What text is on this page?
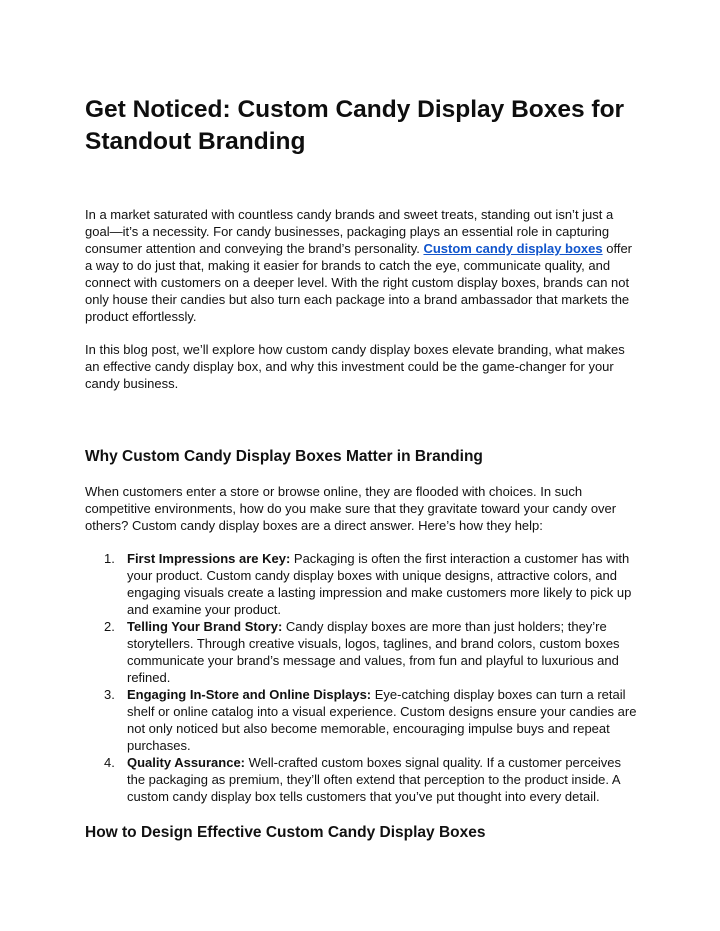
Get Noticed: Custom Candy Display Boxes for Standout Branding

In a market saturated with countless candy brands and sweet treats, standing out isn’t just a goal—it’s a necessity. For candy businesses, packaging plays an essential role in capturing consumer attention and conveying the brand’s personality. Custom candy display boxes offer a way to do just that, making it easier for brands to catch the eye, communicate quality, and connect with customers on a deeper level. With the right custom display boxes, brands can not only house their candies but also turn each package into a brand ambassador that markets the product effortlessly.

In this blog post, we’ll explore how custom candy display boxes elevate branding, what makes an effective candy display box, and why this investment could be the game-changer for your candy business.

Why Custom Candy Display Boxes Matter in Branding

When customers enter a store or browse online, they are flooded with choices. In such competitive environments, how do you make sure that they gravitate toward your candy over others? Custom candy display boxes are a direct answer. Here’s how they help:

1. First Impressions are Key: Packaging is often the first interaction a customer has with your product. Custom candy display boxes with unique designs, attractive colors, and engaging visuals create a lasting impression and make customers more likely to pick up and examine your product.
2. Telling Your Brand Story: Candy display boxes are more than just holders; they’re storytellers. Through creative visuals, logos, taglines, and brand colors, custom boxes communicate your brand’s message and values, from fun and playful to luxurious and refined.
3. Engaging In-Store and Online Displays: Eye-catching display boxes can turn a retail shelf or online catalog into a visual experience. Custom designs ensure your candies are not only noticed but also become memorable, encouraging impulse buys and repeat purchases.
4. Quality Assurance: Well-crafted custom boxes signal quality. If a customer perceives the packaging as premium, they’ll often extend that perception to the product inside. A custom candy display box tells customers that you’ve put thought into every detail.
How to Design Effective Custom Candy Display Boxes
